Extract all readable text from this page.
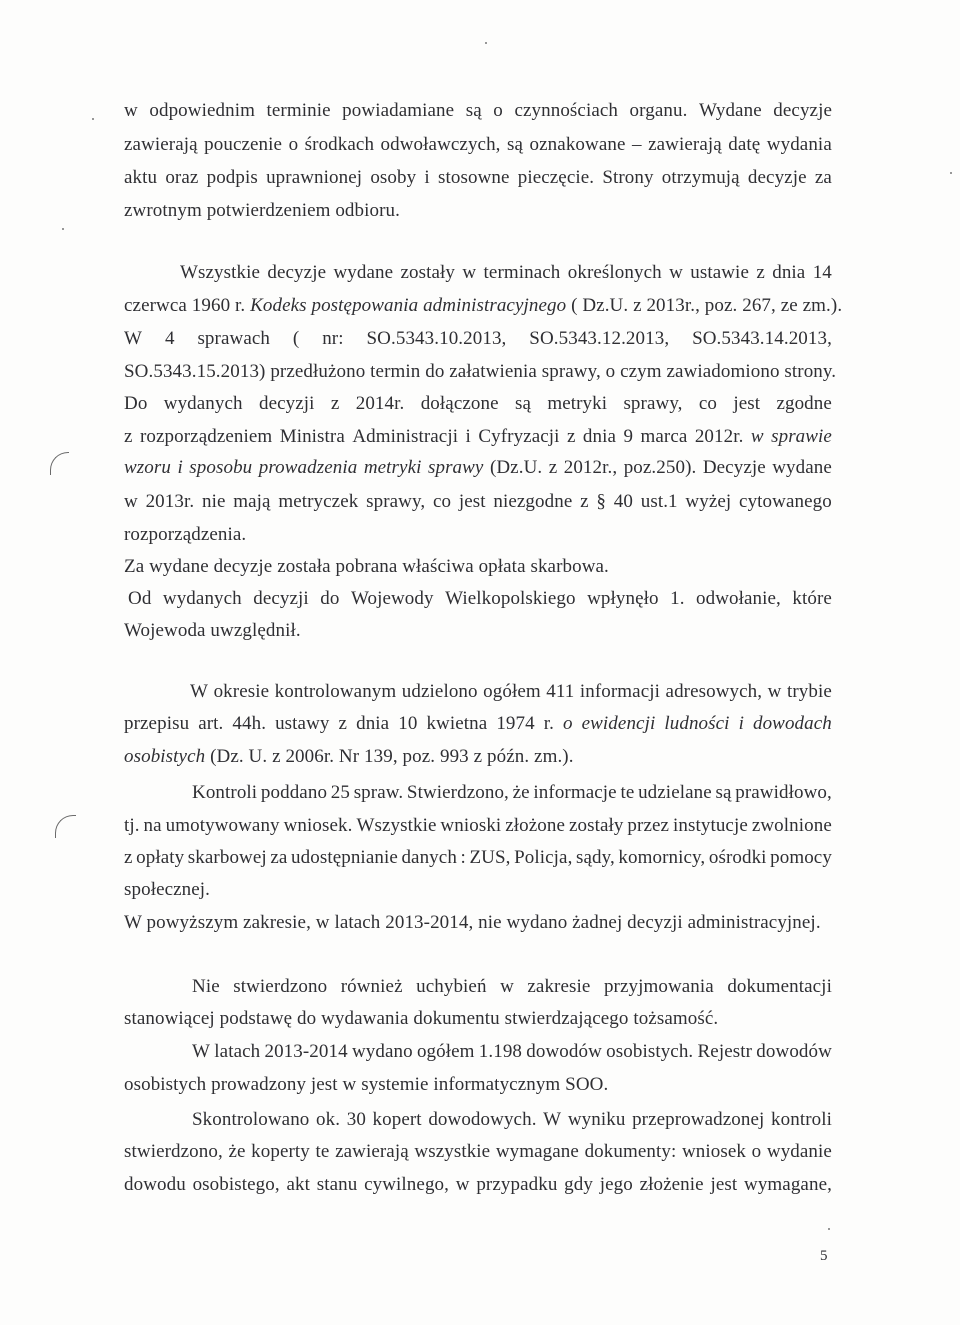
w odpowiednim terminie powiadamiane są o czynnościach organu. Wydane decyzje
zawierają pouczenie o środkach odwoławczych, są oznakowane – zawierają datę wydania
aktu oraz podpis uprawnionej osoby i stosowne pieczęcie. Strony otrzymują decyzje za
zwrotnym potwierdzeniem odbioru.
Wszystkie decyzje wydane zostały w terminach określonych w ustawie z dnia 14
czerwca 1960 r. Kodeks postępowania administracyjnego ( Dz.U. z 2013r., poz. 267, ze zm.).
W 4 sprawach ( nr: SO.5343.10.2013, SO.5343.12.2013, SO.5343.14.2013,
SO.5343.15.2013) przedłużono termin do załatwienia sprawy, o czym zawiadomiono strony.
Do wydanych decyzji z 2014r. dołączone są metryki sprawy, co jest zgodne
z rozporządzeniem Ministra Administracji i Cyfryzacji z dnia 9 marca 2012r. w sprawie
wzoru i sposobu prowadzenia metryki sprawy (Dz.U. z 2012r., poz.250). Decyzje wydane
w 2013r. nie mają metryczek sprawy, co jest niezgodne z § 40 ust.1 wyżej cytowanego
rozporządzenia.
Za wydane decyzje została pobrana właściwa opłata skarbowa.
Od wydanych decyzji do Wojewody Wielkopolskiego wpłynęło 1. odwołanie, które
Wojewoda uwzględnił.
W okresie kontrolowanym udzielono ogółem 411 informacji adresowych, w trybie
przepisu art. 44h. ustawy z dnia 10 kwietna 1974 r. o ewidencji ludności i dowodach
osobistych (Dz. U. z 2006r. Nr 139, poz. 993 z późn. zm.).
Kontroli poddano 25 spraw. Stwierdzono, że informacje te udzielane są prawidłowo,
tj. na umotywowany wniosek. Wszystkie wnioski złożone zostały przez instytucje zwolnione
z opłaty skarbowej za udostępnianie danych : ZUS, Policja, sądy, komornicy, ośrodki pomocy
społecznej.
W powyższym zakresie, w latach 2013-2014, nie wydano żadnej decyzji administracyjnej.
Nie stwierdzono również uchybień w zakresie przyjmowania dokumentacji
stanowiącej podstawę do wydawania dokumentu stwierdzającego tożsamość.
W latach 2013-2014 wydano ogółem 1.198 dowodów osobistych. Rejestr dowodów
osobistych prowadzony jest w systemie informatycznym SOO.
Skontrolowano ok. 30 kopert dowodowych. W wyniku przeprowadzonej kontroli
stwierdzono, że koperty te zawierają wszystkie wymagane dokumenty: wniosek o wydanie
dowodu osobistego, akt stanu cywilnego, w przypadku gdy jego złożenie jest wymagane,
5
